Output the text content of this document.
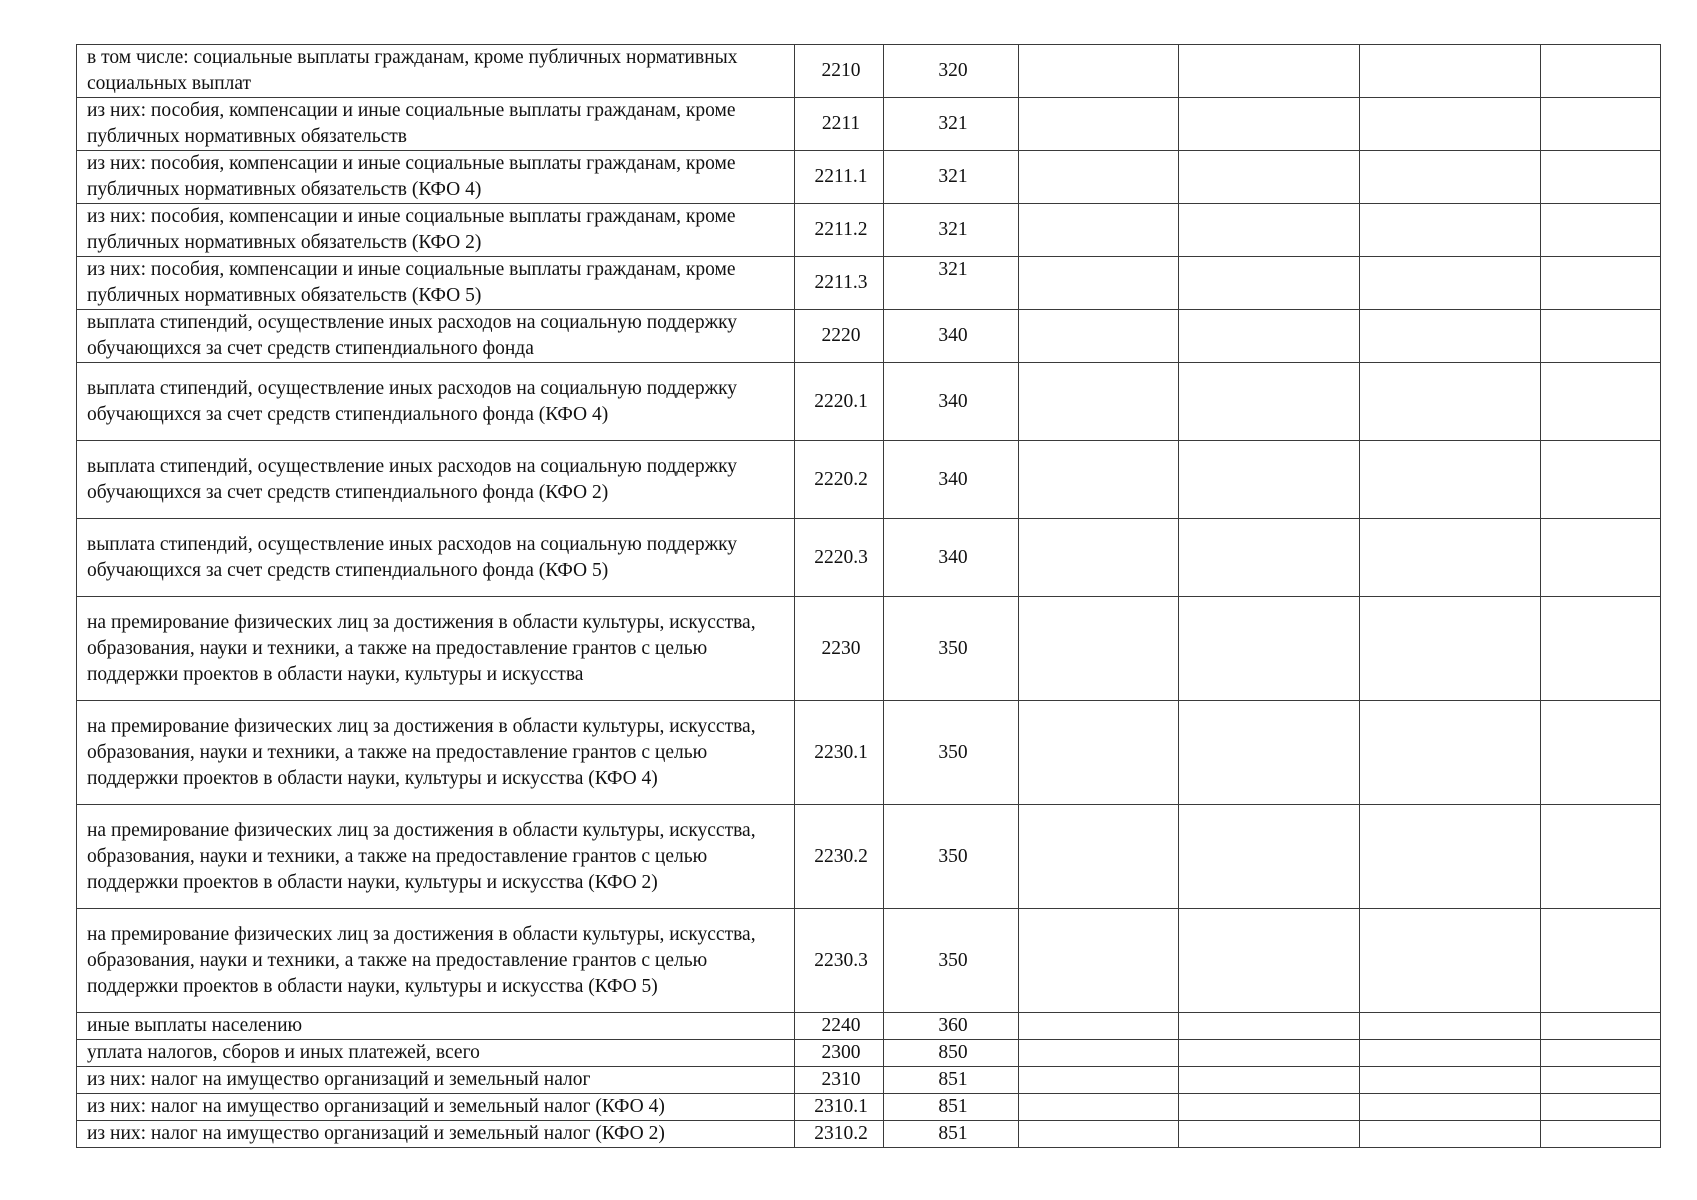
в том числе: социальные выплаты гражданам, кроме публичных нормативных социальных выплат	2210	320				
из них: пособия, компенсации и иные социальные выплаты гражданам, кроме публичных нормативных обязательств	2211	321				
из них: пособия, компенсации и иные социальные выплаты гражданам, кроме публичных нормативных обязательств (КФО 4)	2211.1	321				
из них: пособия, компенсации и иные социальные выплаты гражданам, кроме публичных нормативных обязательств (КФО 2)	2211.2	321				
из них: пособия, компенсации и иные социальные выплаты гражданам, кроме публичных нормативных обязательств (КФО 5)	2211.3	321				
выплата стипендий, осуществление иных расходов на социальную поддержку обучающихся за счет средств стипендиального фонда	2220	340				
выплата стипендий, осуществление иных расходов на социальную поддержку обучающихся за счет средств стипендиального фонда (КФО 4)	2220.1	340				
выплата стипендий, осуществление иных расходов на социальную поддержку обучающихся за счет средств стипендиального фонда (КФО 2)	2220.2	340				
выплата стипендий, осуществление иных расходов на социальную поддержку обучающихся за счет средств стипендиального фонда (КФО 5)	2220.3	340				
на премирование физических лиц за достижения в области культуры, искусства, образования, науки и техники, а также на предоставление грантов с целью поддержки проектов в области науки, культуры и искусства	2230	350				
на премирование физических лиц за достижения в области культуры, искусства, образования, науки и техники, а также на предоставление грантов с целью поддержки проектов в области науки, культуры и искусства (КФО 4)	2230.1	350				
на премирование физических лиц за достижения в области культуры, искусства, образования, науки и техники, а также на предоставление грантов с целью поддержки проектов в области науки, культуры и искусства (КФО 2)	2230.2	350				
на премирование физических лиц за достижения в области культуры, искусства, образования, науки и техники, а также на предоставление грантов с целью поддержки проектов в области науки, культуры и искусства (КФО 5)	2230.3	350				
иные выплаты населению	2240	360				
уплата налогов, сборов и иных платежей, всего	2300	850				
из них: налог на имущество организаций и земельный налог	2310	851				
из них: налог на имущество организаций и земельный налог (КФО 4)	2310.1	851				
из них: налог на имущество организаций и земельный налог (КФО 2)	2310.2	851				
